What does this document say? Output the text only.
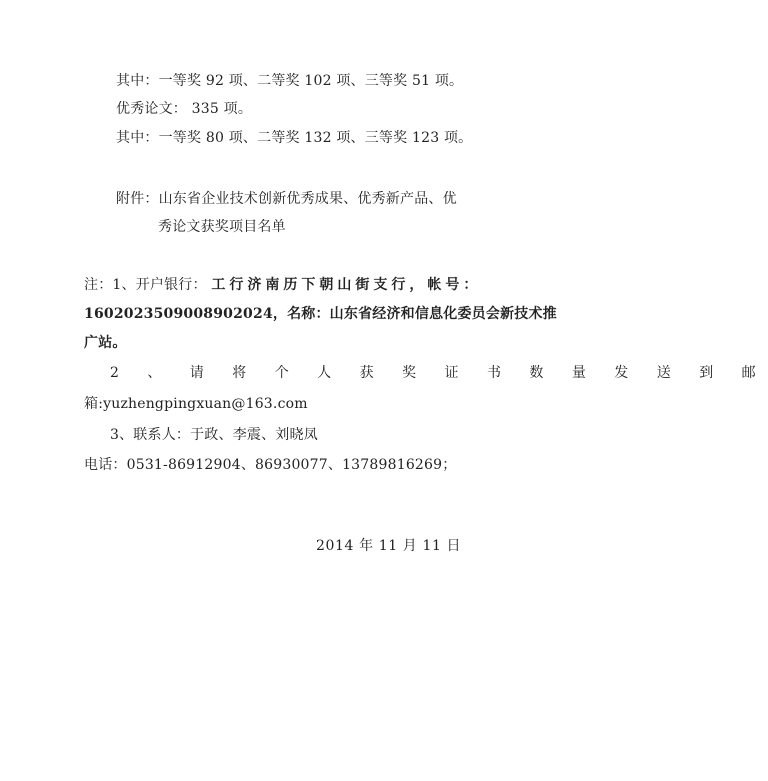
其中：一等奖 92 项、二等奖 102 项、三等奖 51 项。
优秀论文： 335 项。
其中：一等奖 80 项、二等奖 132 项、三等奖 123 项。
附件：山东省企业技术创新优秀成果、优秀新产品、优
秀论文获奖项目名单
注：1、开户银行： 工行济南历下朝山街支行，帐号：
1602023509008902024，名称：山东省经济和信息化委员会新技术推
广站。
2 、 请 将 个 人 获 奖 证 书 数 量 发 送 到 邮
箱:yuzhengpingxuan@163.com
3、联系人：于政、李震、刘晓凤
电话：0531-86912904、86930077、13789816269；
2014 年 11 月 11 日
